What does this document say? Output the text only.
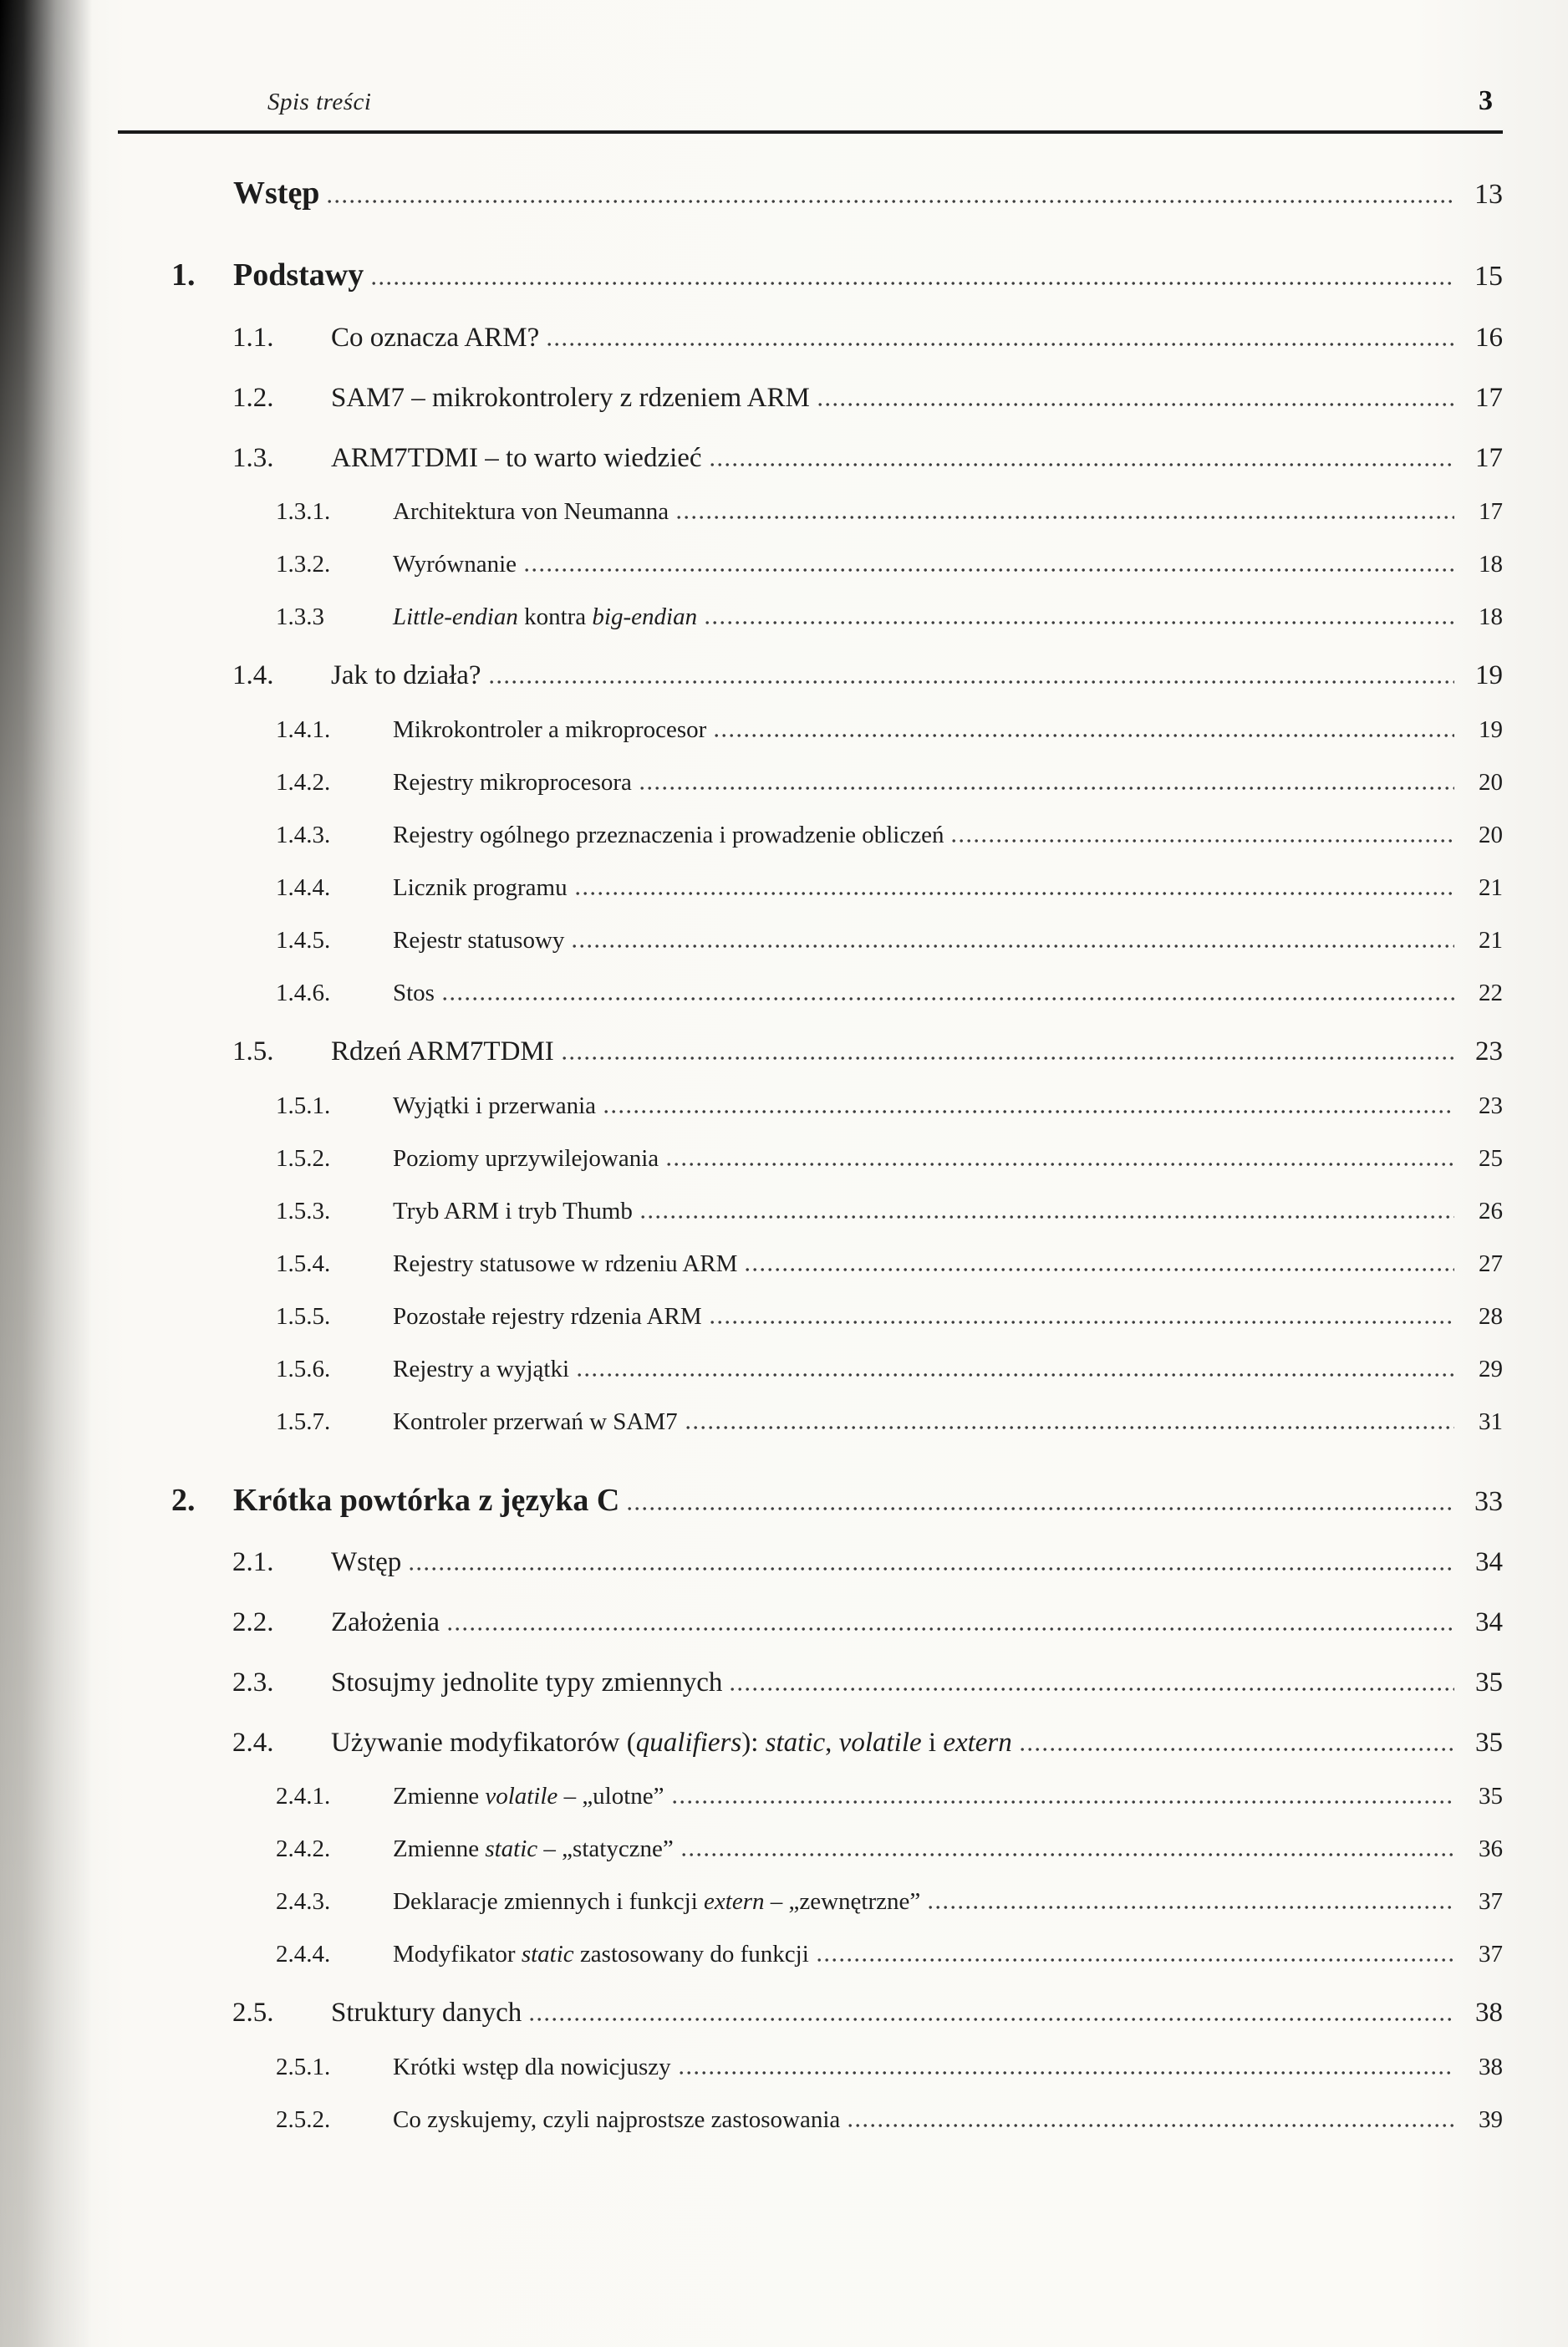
Spis treści	3
Wstęp	13
1.	Podstawy	15
1.1.	Co oznacza ARM?	16
1.2.	SAM7 – mikrokontrolery z rdzeniem ARM	17
1.3.	ARM7TDMI – to warto wiedzieć	17
1.3.1.	Architektura von Neumanna	17
1.3.2.	Wyrównanie	18
1.3.3	Little-endian kontra big-endian	18
1.4.	Jak to działa?	19
1.4.1.	Mikrokontroler a mikroprocesor	19
1.4.2.	Rejestry mikroprocesora	20
1.4.3.	Rejestry ogólnego przeznaczenia i prowadzenie obliczeń	20
1.4.4.	Licznik programu	21
1.4.5.	Rejestr statusowy	21
1.4.6.	Stos	22
1.5.	Rdzeń ARM7TDMI	23
1.5.1.	Wyjątki i przerwania	23
1.5.2.	Poziomy uprzywilejowania	25
1.5.3.	Tryb ARM i tryb Thumb	26
1.5.4.	Rejestry statusowe w rdzeniu ARM	27
1.5.5.	Pozostałe rejestry rdzenia ARM	28
1.5.6.	Rejestry a wyjątki	29
1.5.7.	Kontroler przerwań w SAM7	31
2.	Krótka powtórka z języka C	33
2.1.	Wstęp	34
2.2.	Założenia	34
2.3.	Stosujmy jednolite typy zmiennych	35
2.4.	Używanie modyfikatorów (qualifiers): static, volatile i extern	35
2.4.1.	Zmienne volatile – „ulotne”	35
2.4.2.	Zmienne static – „statyczne”	36
2.4.3.	Deklaracje zmiennych i funkcji extern – „zewnętrzne”	37
2.4.4.	Modyfikator static zastosowany do funkcji	37
2.5.	Struktury danych	38
2.5.1.	Krótki wstęp dla nowicjuszy	38
2.5.2.	Co zyskujemy, czyli najprostsze zastosowania	39
